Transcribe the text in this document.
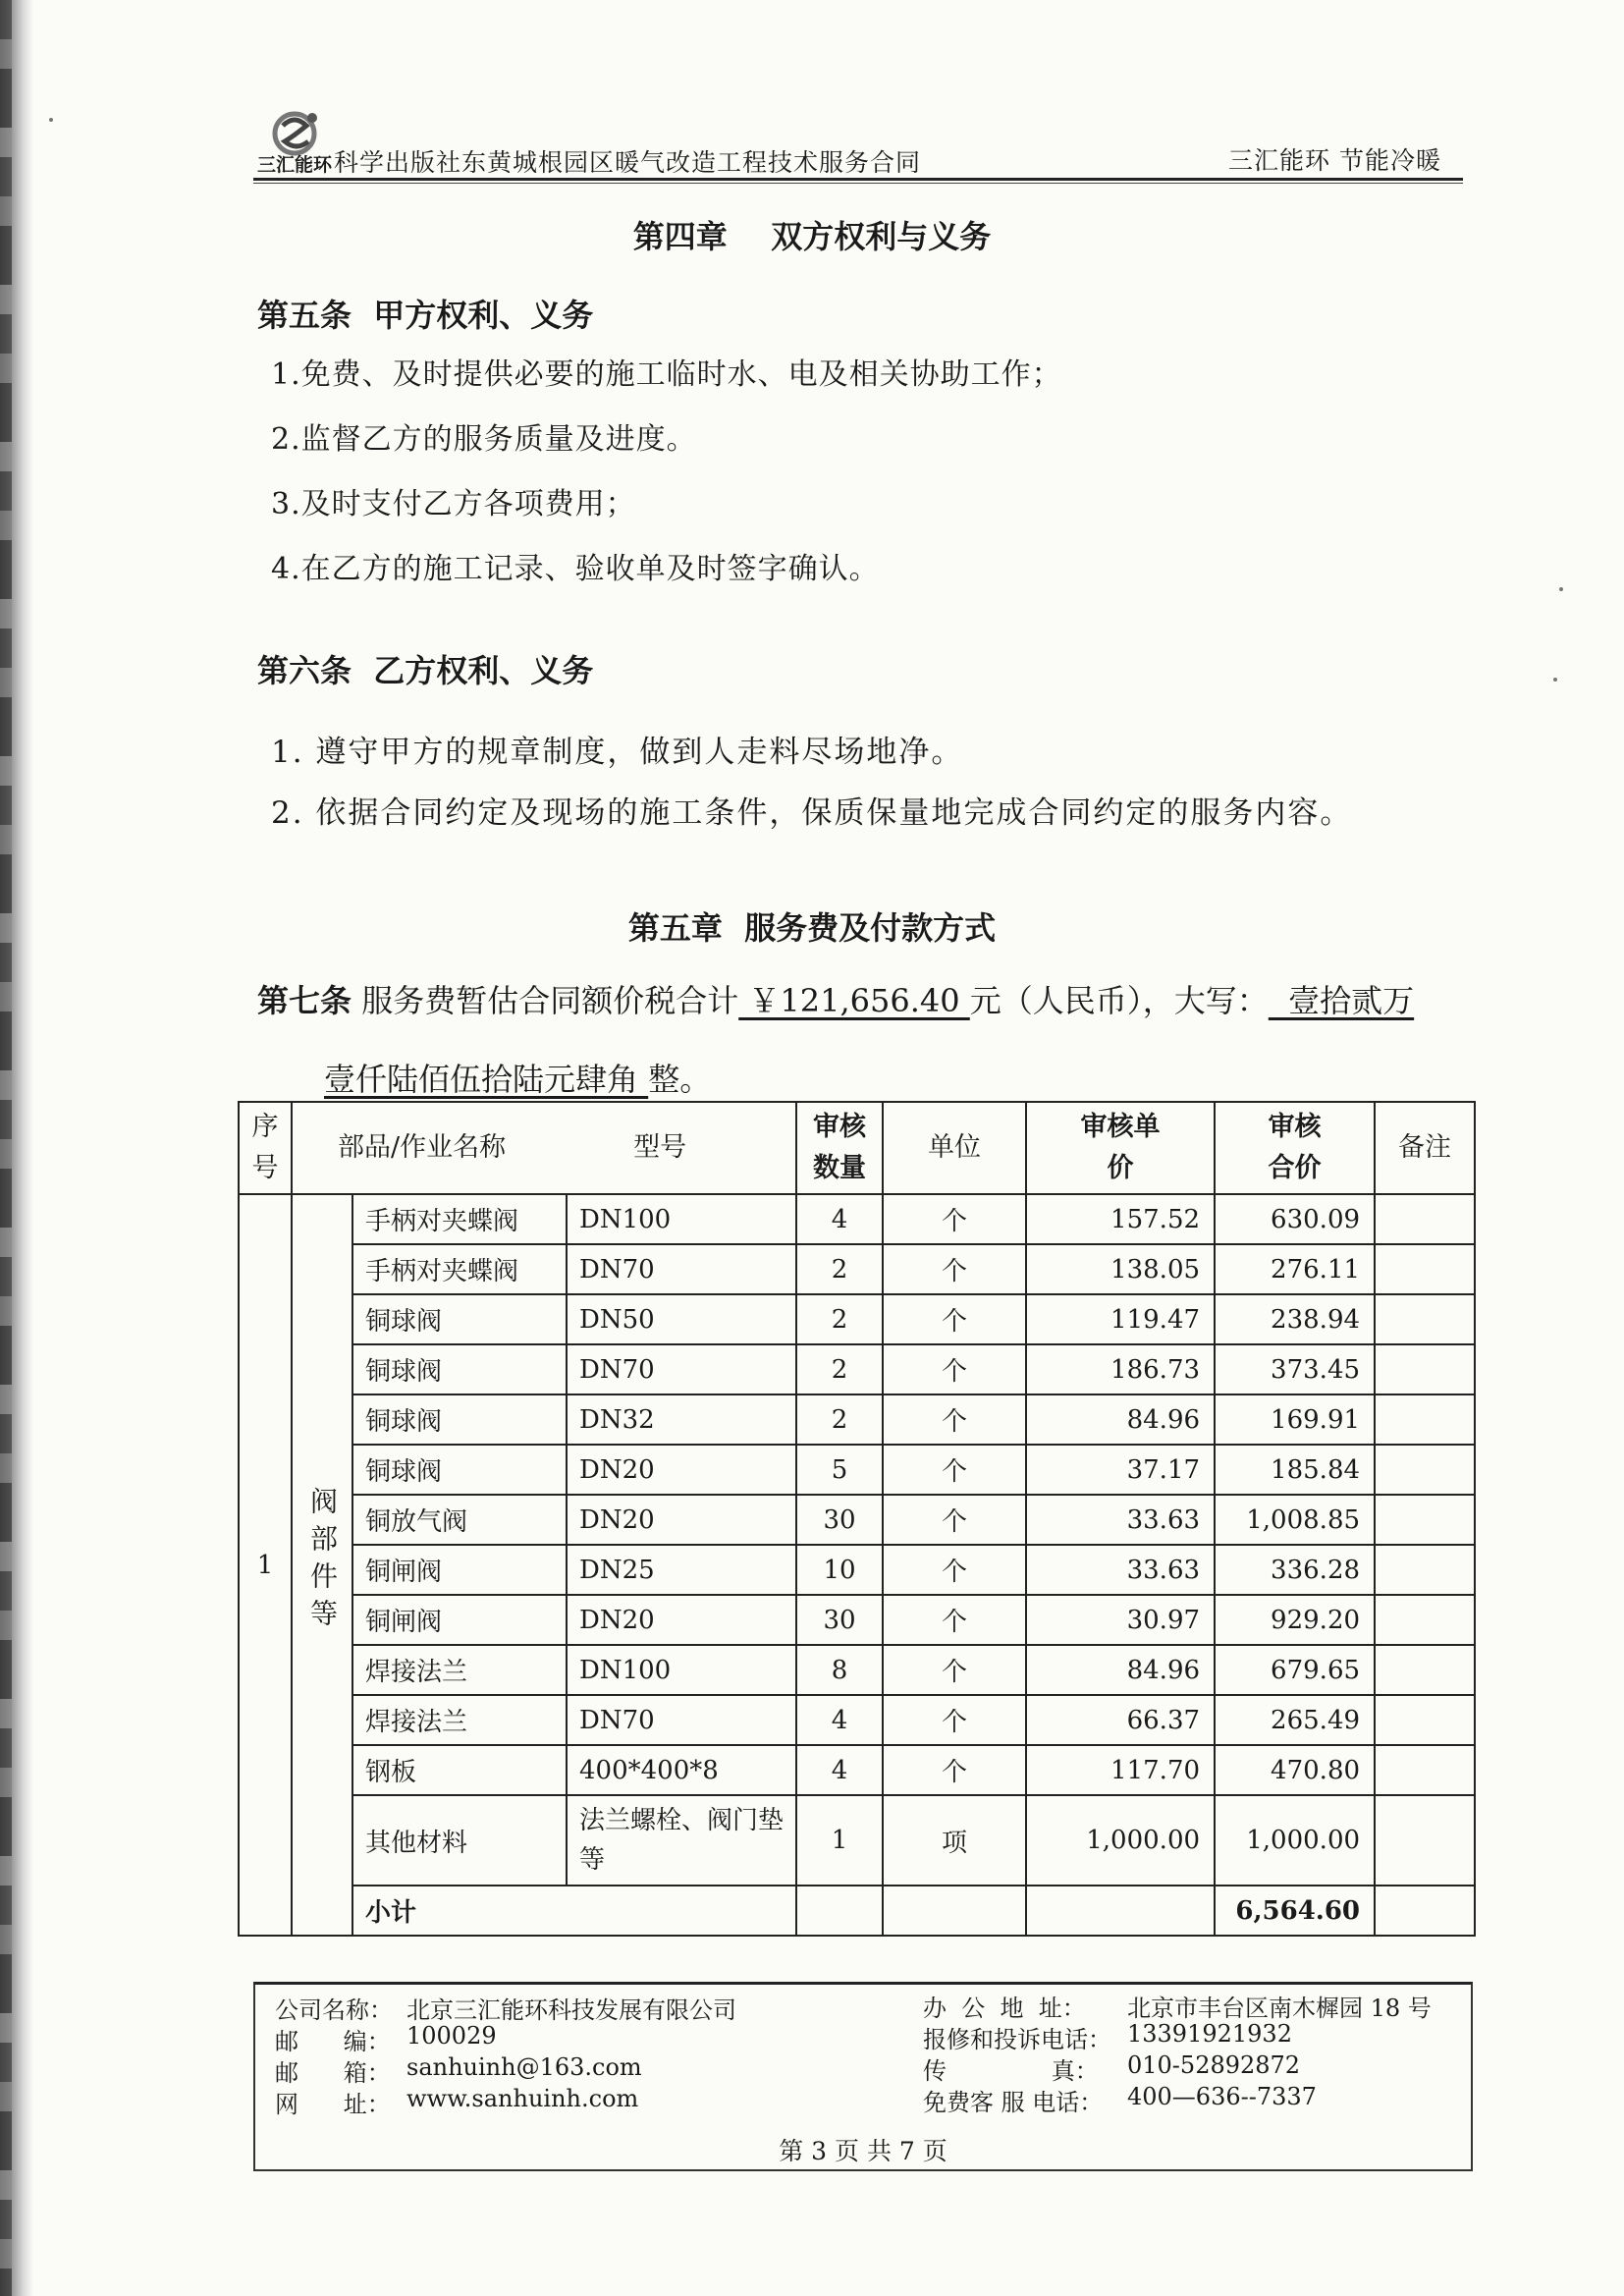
三汇能环科学出版社东黄城根园区暖气改造工程技术服务合同	三汇能环 节能冷暖
第四章    双方权利与义务
第五条  甲方权利、义务
1.免费、及时提供必要的施工临时水、电及相关协助工作；
2.监督乙方的服务质量及进度。
3.及时支付乙方各项费用；
4.在乙方的施工记录、验收单及时签字确认。
第六条  乙方权利、义务
1. 遵守甲方的规章制度，做到人走料尽场地净。
2. 依据合同约定及现场的施工条件，保质保量地完成合同约定的服务内容。
第五章  服务费及付款方式
第七条 服务费暂估合同额价税合计 ￥121,656.40 元（人民币），大写：  壹拾贰万
壹仟陆佰伍拾陆元肆角 整。
序号	部品/作业名称 型号			审核数量	单位	审核单价	审核合价	备注
1	阀部件等	手柄对夹蝶阀	DN100	4	个	157.52	630.09	
		手柄对夹蝶阀	DN70	2	个	138.05	276.11	
		铜球阀	DN50	2	个	119.47	238.94	
		铜球阀	DN70	2	个	186.73	373.45	
		铜球阀	DN32	2	个	84.96	169.91	
		铜球阀	DN20	5	个	37.17	185.84	
		铜放气阀	DN20	30	个	33.63	1,008.85	
		铜闸阀	DN25	10	个	33.63	336.28	
		铜闸阀	DN20	30	个	30.97	929.20	
		焊接法兰	DN100	8	个	84.96	679.65	
		焊接法兰	DN70	4	个	66.37	265.49	
		钢板	400*400*8	4	个	117.70	470.80	
		其他材料	法兰螺栓、阀门垫等	1	项	1,000.00	1,000.00	
		小计					6,564.60	
公司名称： 北京三汇能环科技发展有限公司
邮      编： 100029
邮      箱： sanhuinh@163.com
网      址： www.sanhuinh.com
办  公  地  址： 北京市丰台区南木樨园 18 号
报修和投诉电话： 13391921932
传              真： 010-52892872
免费客 服 电话： 400—636--7337
第 3 页 共 7 页
